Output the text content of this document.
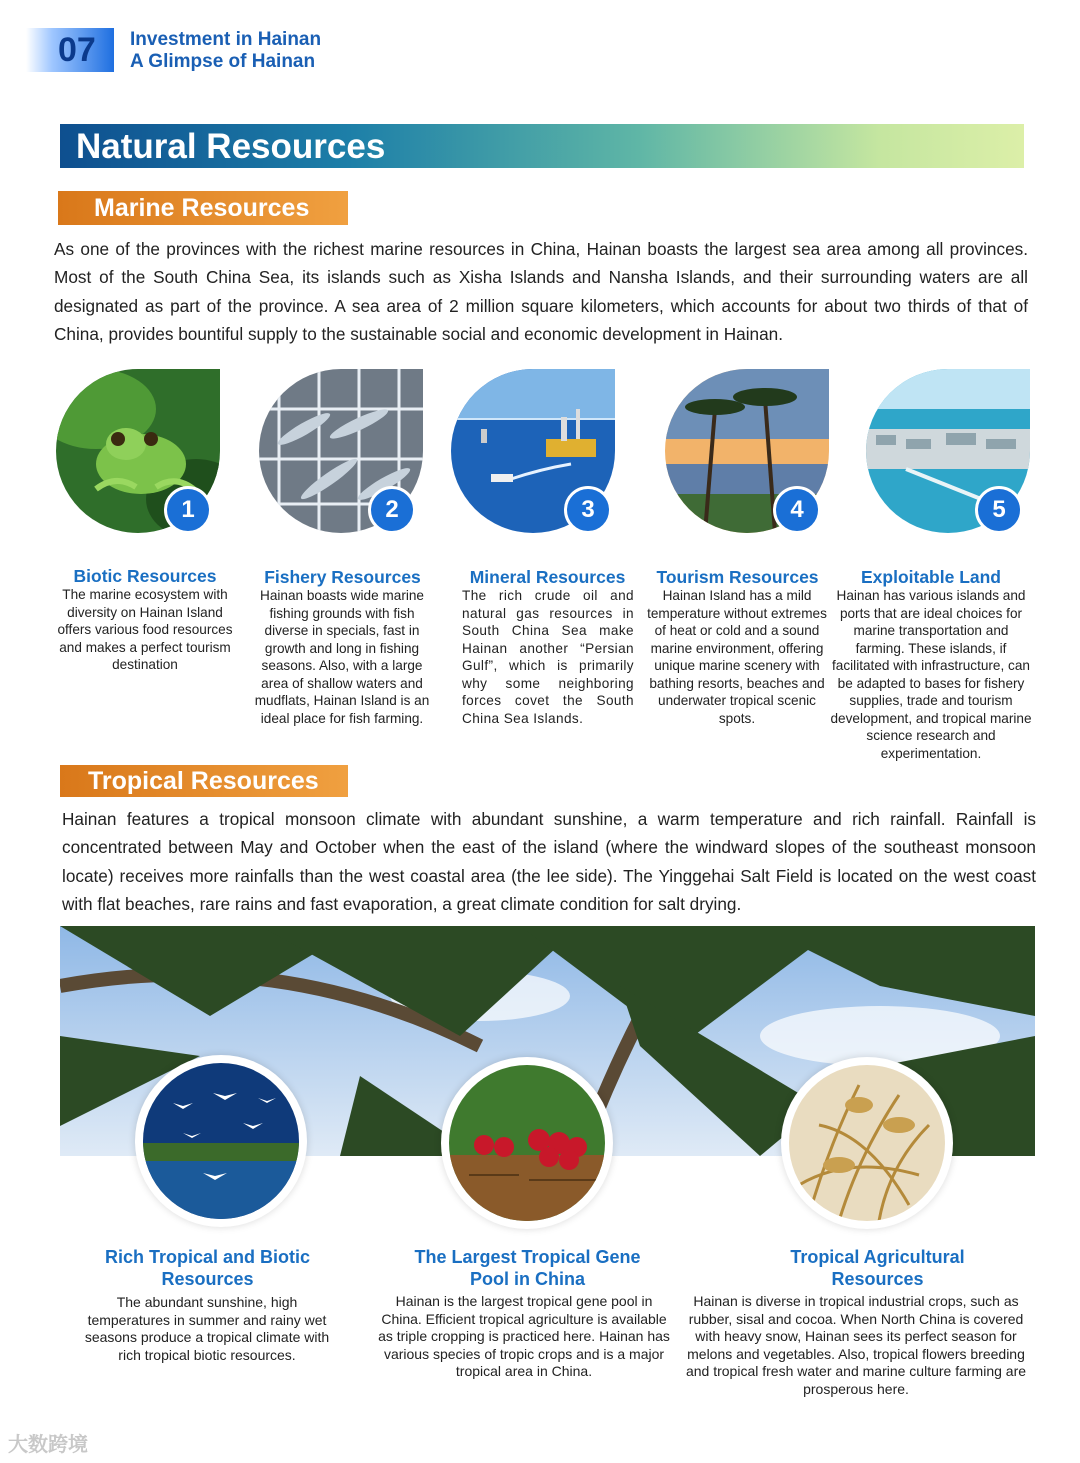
07	Investment in Hainan
A Glimpse of Hainan
Natural Resources
Marine Resources
As one of the provinces with the richest marine resources in China, Hainan boasts the largest sea area among all provinces. Most of the South China Sea, its islands such as Xisha Islands and Nansha Islands, and their surrounding waters are all designated as part of the province. A sea area of 2 million square kilometers, which accounts for about two thirds of that of China, provides bountiful supply to the sustainable social and economic development in Hainan.
1	2	3	4	5
Biotic Resources
The marine ecosystem with diversity on Hainan Island offers various food resources and makes a perfect tourism destination
Fishery Resources
Hainan boasts wide marine fishing grounds with fish diverse in specials, fast in growth and long in fishing seasons. Also, with a large area of shallow waters and mudflats, Hainan Island is an ideal place for fish farming.
Mineral Resources
The rich crude oil and natural gas resources in South China Sea make Hainan another “Persian Gulf”, which is primarily why some neighboring forces covet the South China Sea Islands.
Tourism Resources
Hainan Island has a mild temperature without extremes of heat or cold and a sound marine environment, offering unique marine scenery with bathing resorts, beaches and underwater tropical scenic spots.
Exploitable Land
Hainan has various islands and ports that are ideal choices for marine transportation and farming. These islands, if facilitated with infrastructure, can be adapted to bases for fishery supplies, trade and tourism development, and tropical marine science research and experimentation.
Tropical Resources
Hainan features a tropical monsoon climate with abundant sunshine, a warm temperature and rich rainfall. Rainfall is concentrated between May and October when the east of the island (where the windward slopes of the southeast monsoon locate) receives more rainfalls than the west coastal area (the lee side). The Yinggehai Salt Field is located on the west coast with flat beaches, rare rains and fast evaporation, a great climate condition for salt drying.
Rich Tropical and Biotic Resources
The abundant sunshine, high temperatures in summer and rainy wet seasons produce a tropical climate with rich tropical biotic resources.
The Largest Tropical Gene Pool in China
Hainan is the largest tropical gene pool in China. Efficient tropical agriculture is available as triple cropping is practiced here. Hainan has various species of tropic crops and is a major tropical area in China.
Tropical Agricultural Resources
Hainan is diverse in tropical industrial crops, such as rubber, sisal and cocoa. When North China is covered with heavy snow, Hainan sees its perfect season for melons and vegetables. Also, tropical flowers breeding and tropical fresh water and marine culture farming are prosperous here.
大数跨境
